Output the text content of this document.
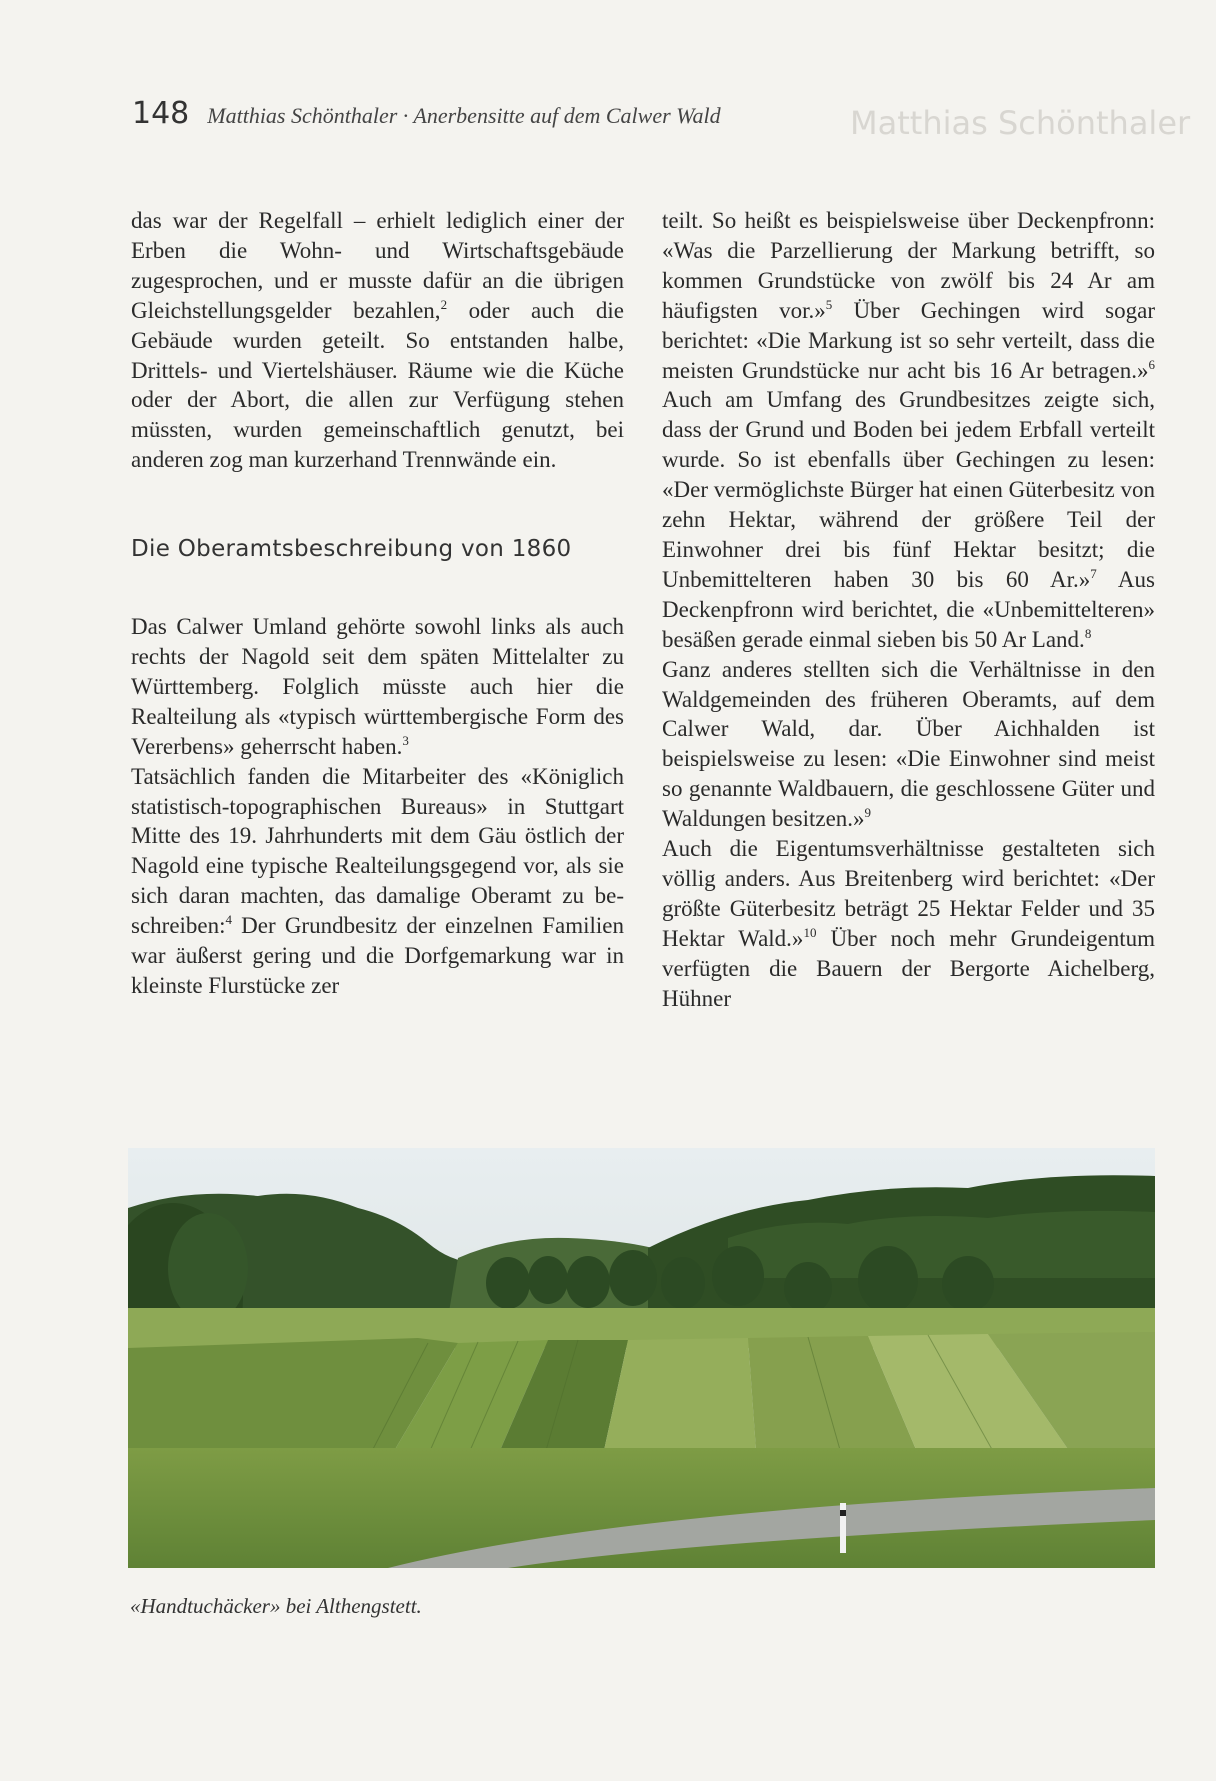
148 Matthias Schönthaler · Anerbensitte auf dem Calwer Wald	Matthias Schönthaler

das war der Regelfall – erhielt lediglich einer der Erben die Wohn- und Wirtschaftsgebäude zugesprochen, und er musste dafür an die übrigen Gleichstellungsgelder bezahlen,$^2$ oder auch die Gebäude wurden geteilt. So entstanden halbe, Drittels- und Viertelshäuser. Räume wie die Küche oder der Abort, die allen zur Verfügung stehen müssten, wurden gemeinschaftlich genutzt, bei anderen zog man kurzerhand Trennwände ein.

Die Oberamtsbeschreibung von 1860

Das Calwer Umland gehörte sowohl links als auch rechts der Nagold seit dem späten Mittelalter zu Württemberg. Folglich müsste auch hier die Realteilung als «typisch württembergische Form des Vererbens» geherrscht haben.$^3$

Tatsächlich fanden die Mitarbeiter des «Königlich statistisch-topographischen Bureaus» in Stuttgart Mitte des 19. Jahrhunderts mit dem Gäu östlich der Nagold eine typische Realteilungsgegend vor, als sie sich daran machten, das damalige Oberamt zu beschreiben:$^4$ Der Grundbesitz der einzelnen Familien war äußerst gering und die Dorfgemarkung war in kleinste Flurstücke zer

teilt. So heißt es beispielsweise über Deckenpfronn: «Was die Parzellierung der Markung betrifft, so kommen Grundstücke von zwölf bis 24 Ar am häufigsten vor.»$^5$ Über Gechingen wird sogar berichtet: «Die Markung ist so sehr verteilt, dass die meisten Grundstücke nur acht bis 16 Ar betragen.»$^6$ Auch am Umfang des Grundbesitzes zeigte sich, dass der Grund und Boden bei jedem Erbfall verteilt wurde. So ist ebenfalls über Gechingen zu lesen: «Der vermöglichste Bürger hat einen Güterbesitz von zehn Hektar, während der größere Teil der Einwohner drei bis fünf Hektar besitzt; die Unbemittelteren haben 30 bis 60 Ar.»$^7$ Aus Deckenpfronn wird berichtet, die «Unbemittelteren» besäßen gerade einmal sieben bis 50 Ar Land.$^8$

Ganz anderes stellten sich die Verhältnisse in den Waldgemeinden des früheren Oberamts, auf dem Calwer Wald, dar. Über Aichhalden ist beispielsweise zu lesen: «Die Einwohner sind meist so genannte Waldbauern, die geschlossene Güter und Waldungen besitzen.»$^9$

Auch die Eigentumsverhältnisse gestalteten sich völlig anders. Aus Breitenberg wird berichtet: «Der größte Güterbesitz beträgt 25 Hektar Felder und 35 Hektar Wald.»$^{10}$ Über noch mehr Grundeigentum verfügten die Bauern der Bergorte Aichelberg, Hühner

«Handtuchäcker» bei Althengstett.
